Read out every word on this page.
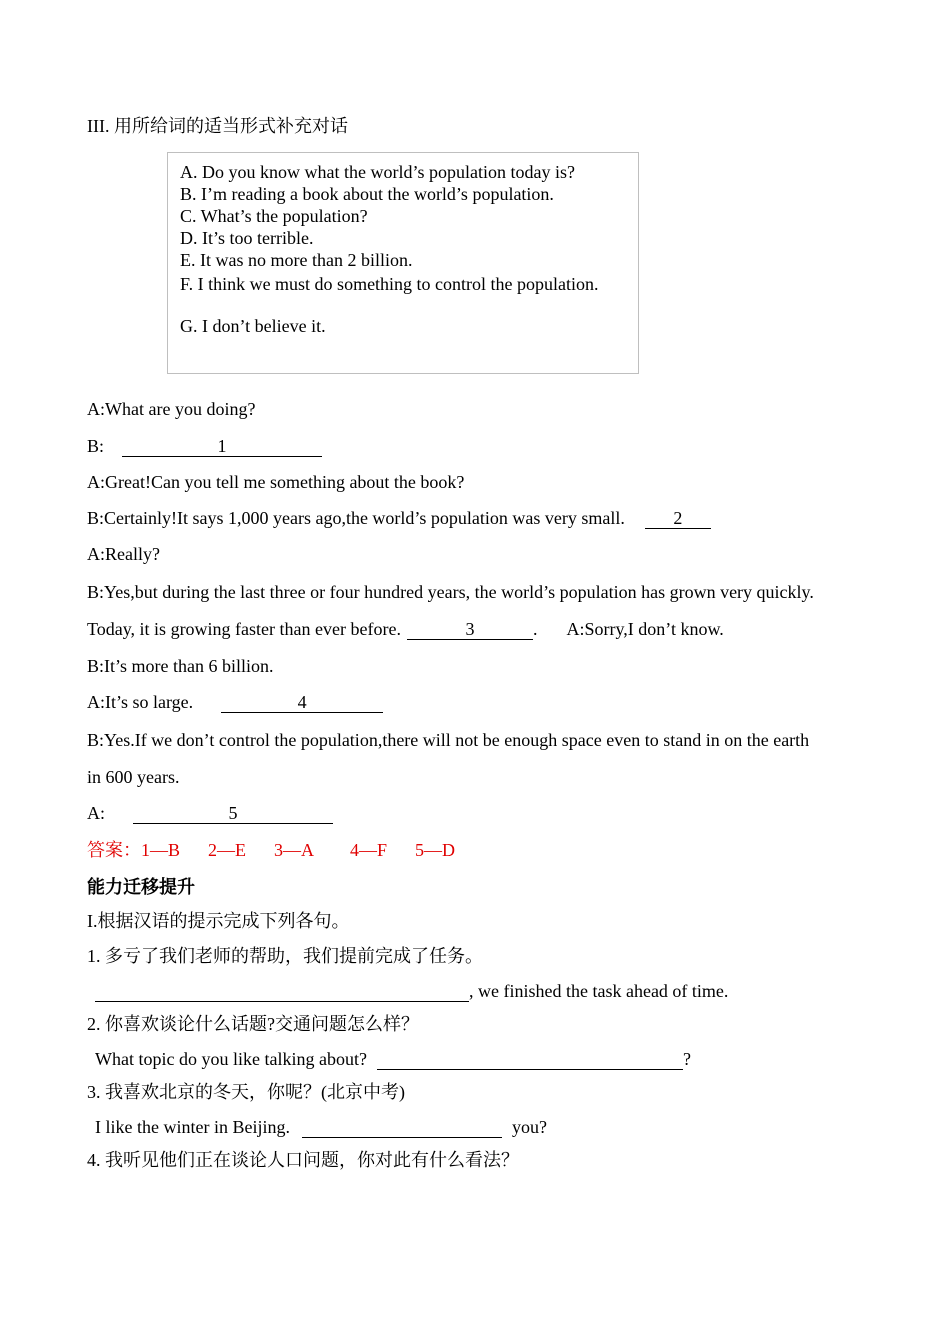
III. 用所给词的适当形式补充对话
A. Do you know what the world’s population today is?
B. I’m reading a book about the world’s population.
C. What’s the population?
D. It’s too terrible.
E. It was no more than 2 billion.
F. I think we must do something to control the population.
G. I don’t believe it.
A:What are you doing?
B:	1
A:Great!Can you tell me something about the book?
B:Certainly!It says 1,000 years ago,the world’s population was very small.	2
A:Really?
B:Yes,but during the last three or four hundred years, the world’s population has grown very quickly.
Today, it is growing faster than ever before.	3	. A:Sorry,I don’t know.
B:It’s more than 6 billion.
A:It’s so large.	4
B:Yes.If we don’t control the population,there will not be enough space even to stand in on the earth
in 600 years.
A:	5
答案：1—B 2—E 3—A 4—F 5—D
能力迁移提升
I.根据汉语的提示完成下列各句。
1. 多亏了我们老师的帮助，我们提前完成了任务。
, we finished the task ahead of time.
2. 你喜欢谈论什么话题?交通问题怎么样？
What topic do you like talking about?	?
3. 我喜欢北京的冬天，你呢？(北京中考)
I like the winter in Beijing.	you?
4. 我听见他们正在谈论人口问题，你对此有什么看法？
